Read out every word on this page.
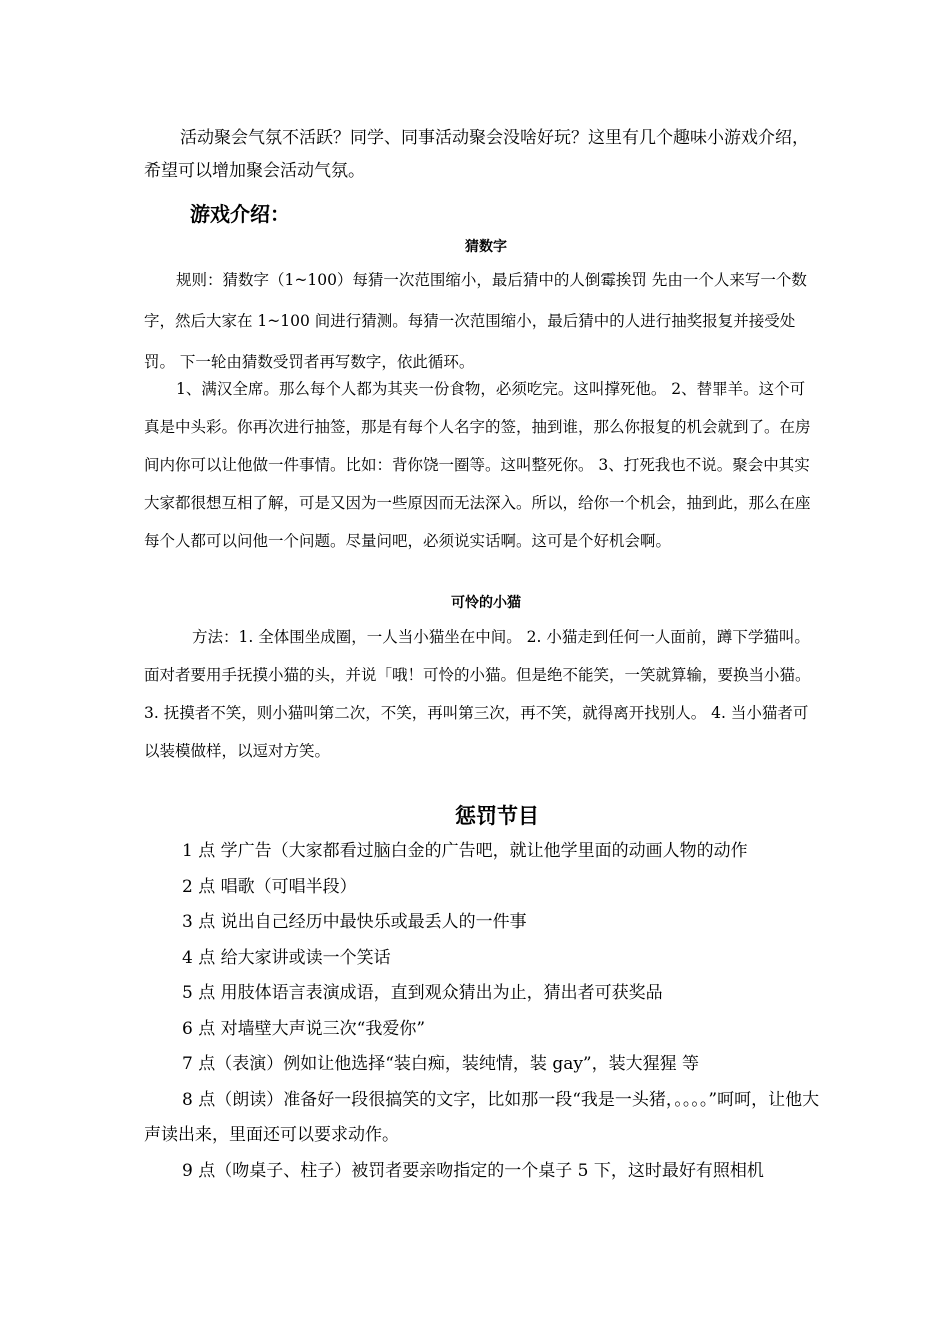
活动聚会气氛不活跃？同学、同事活动聚会没啥好玩？这里有几个趣味小游戏介绍，希望可以增加聚会活动气氛。

游戏介绍：
猜数字

规则：猜数字（1~100）每猜一次范围缩小，最后猜中的人倒霉挨罚 先由一个人来写一个数字，然后大家在 1~100 间进行猜测。每猜一次范围缩小，最后猜中的人进行抽奖报复并接受处罚。 下一轮由猜数受罚者再写数字，依此循环。

1、满汉全席。那么每个人都为其夹一份食物，必须吃完。这叫撑死他。 2、替罪羊。这个可真是中头彩。你再次进行抽签，那是有每个人名字的签，抽到谁，那么你报复的机会就到了。在房间内你可以让他做一件事情。比如：背你饶一圈等。这叫整死你。 3、打死我也不说。聚会中其实大家都很想互相了解，可是又因为一些原因而无法深入。所以，给你一个机会，抽到此，那么在座每个人都可以问他一个问题。尽量问吧，必须说实话啊。这可是个好机会啊。

可怜的小猫

方法：1. 全体围坐成圈，一人当小猫坐在中间。 2. 小猫走到任何一人面前，蹲下学猫叫。面对者要用手抚摸小猫的头，并说「哦！可怜的小猫。但是绝不能笑，一笑就算输，要换当小猫。3. 抚摸者不笑，则小猫叫第二次，不笑，再叫第三次，再不笑，就得离开找别人。 4. 当小猫者可以装模做样，以逗对方笑。

惩罚节目
1 点 学广告（大家都看过脑白金的广告吧，就让他学里面的动画人物的动作
2 点 唱歌（可唱半段）
3 点 说出自己经历中最快乐或最丢人的一件事
4 点 给大家讲或读一个笑话
5 点 用肢体语言表演成语，直到观众猜出为止，猜出者可获奖品
6 点 对墙壁大声说三次“我爱你”
7 点（表演）例如让他选择“装白痴，装纯情，装 gay”，装大猩猩 等
8 点（朗读）准备好一段很搞笑的文字，比如那一段“我是一头猪，。。。。”呵呵，让他大声读出来，里面还可以要求动作。
9 点（吻桌子、柱子）被罚者要亲吻指定的一个桌子 5 下，这时最好有照相机
